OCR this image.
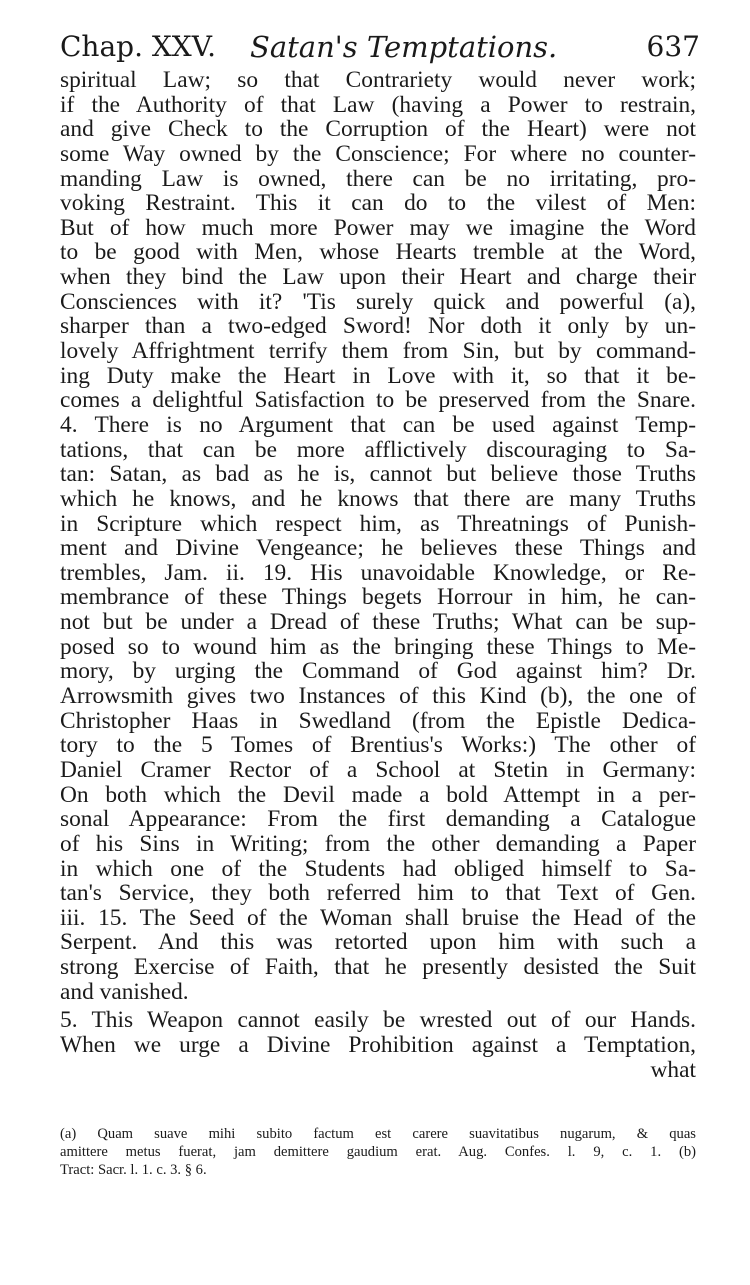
Chap. XXV. Satan's Temptations.	637
spiritual Law; so that Contrariety would never work;
if the Authority of that Law (having a Power to restrain,
and give Check to the Corruption of the Heart) were not
some Way owned by the Conscience; For where no counter-
manding Law is owned, there can be no irritating, pro-
voking Restraint. This it can do to the vilest of Men:
But of how much more Power may we imagine the Word
to be good with Men, whose Hearts tremble at the Word,
when they bind the Law upon their Heart and charge their
Consciences with it? 'Tis surely quick and powerful (a),
sharper than a two-edged Sword! Nor doth it only by un-
lovely Affrightment terrify them from Sin, but by command-
ing Duty make the Heart in Love with it, so that it be-
comes a delightful Satisfaction to be preserved from the Snare.
4. There is no Argument that can be used against Temp-
tations, that can be more afflictively discouraging to Sa-
tan: Satan, as bad as he is, cannot but believe those Truths
which he knows, and he knows that there are many Truths
in Scripture which respect him, as Threatnings of Punish-
ment and Divine Vengeance; he believes these Things and
trembles, Jam. ii. 19. His unavoidable Knowledge, or Re-
membrance of these Things begets Horrour in him, he can-
not but be under a Dread of these Truths; What can be sup-
posed so to wound him as the bringing these Things to Me-
mory, by urging the Command of God against him? Dr.
Arrowsmith gives two Instances of this Kind (b), the one of
Christopher Haas in Swedland (from the Epistle Dedica-
tory to the 5 Tomes of Brentius's Works:) The other of
Daniel Cramer Rector of a School at Stetin in Germany:
On both which the Devil made a bold Attempt in a per-
sonal Appearance: From the first demanding a Catalogue
of his Sins in Writing; from the other demanding a Paper
in which one of the Students had obliged himself to Sa-
tan's Service, they both referred him to that Text of Gen.
iii. 15. The Seed of the Woman shall bruise the Head of the
Serpent. And this was retorted upon him with such a
strong Exercise of Faith, that he presently desisted the Suit
and vanished.
5. This Weapon cannot easily be wrested out of our Hands.
When we urge a Divine Prohibition against a Temptation,
what
(a) Quam suave mihi subito factum est carere suavitatibus nugarum, & quas
amittere metus fuerat, jam demittere gaudium erat. Aug. Confes. l. 9, c. 1. (b)
Tract: Sacr. l. 1. c. 3. § 6.
